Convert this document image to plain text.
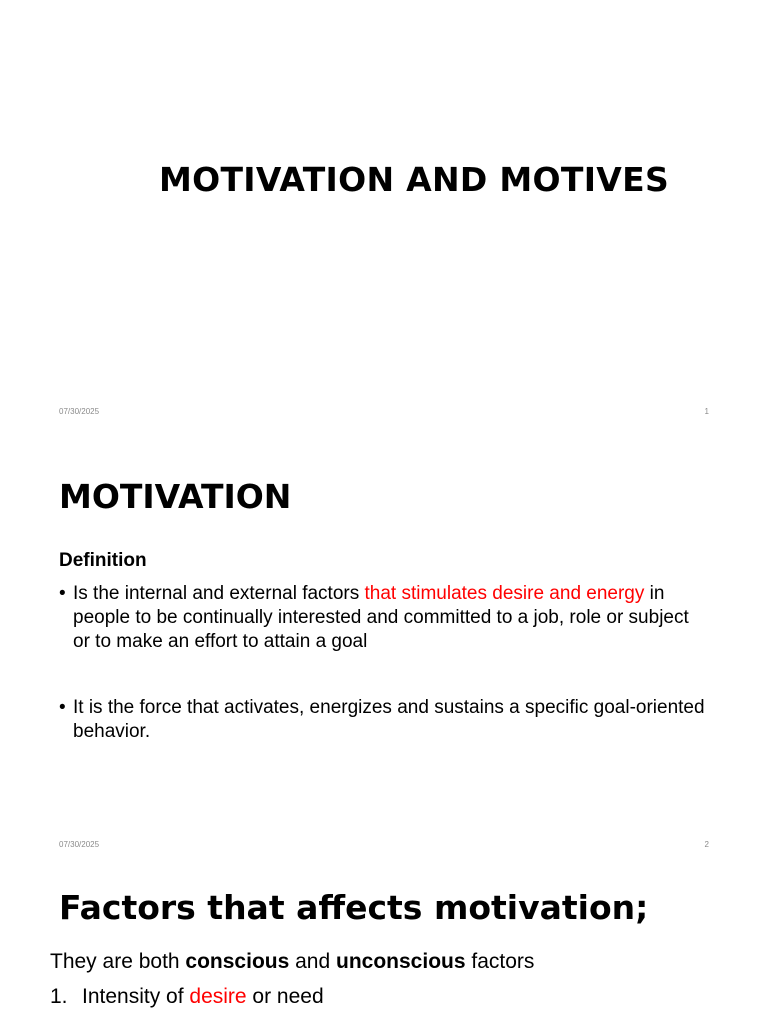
MOTIVATION AND MOTIVES
07/30/2025	1
MOTIVATION
Definition
• Is the internal and external factors that stimulates desire and energy in people to be continually interested and committed to a job, role or subject or to make an effort to attain a goal
• It is the force that activates, energizes and sustains a specific goal-oriented behavior.
07/30/2025	2
Factors that affects motivation;
They are both conscious and unconscious factors
1. Intensity of desire or need
